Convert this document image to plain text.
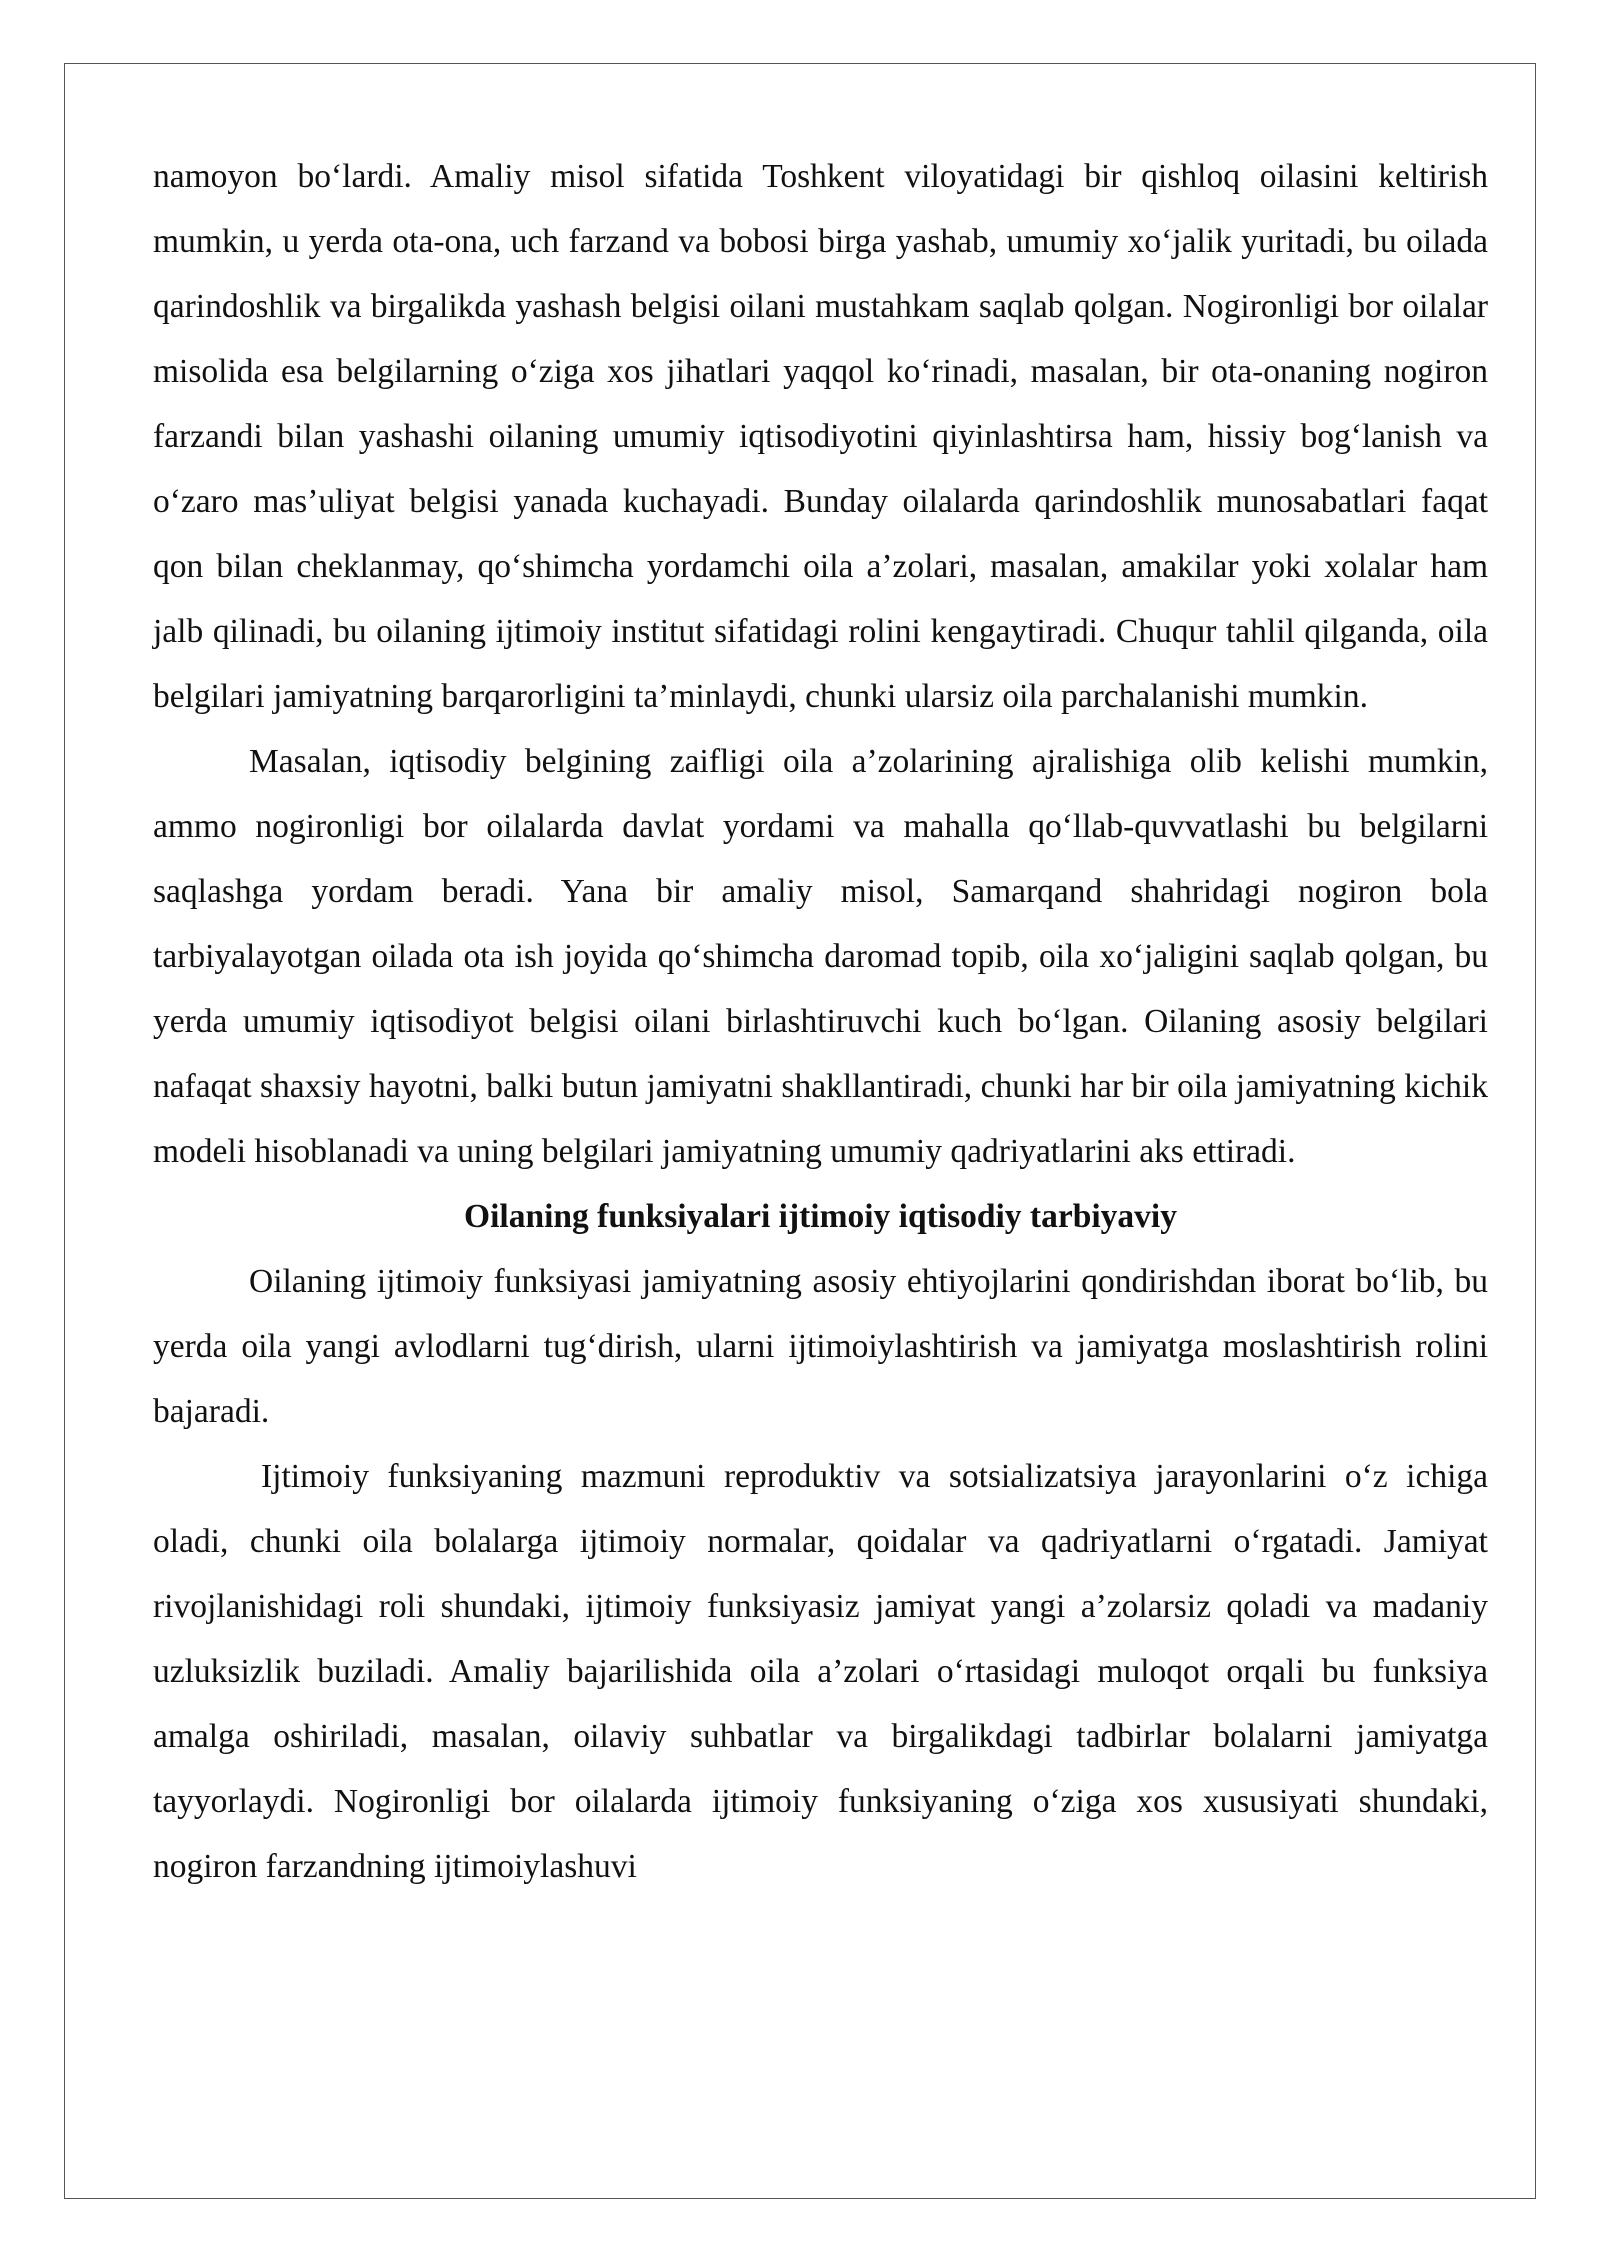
namoyon bo‘lardi. Amaliy misol sifatida Toshkent viloyatidagi bir qishloq oilasini keltirish mumkin, u yerda ota-ona, uch farzand va bobosi birga yashab, umumiy xo‘jalik yuritadi, bu oilada qarindoshlik va birgalikda yashash belgisi oilani mustahkam saqlab qolgan. Nogironligi bor oilalar misolida esa belgilarning o‘ziga xos jihatlari yaqqol ko‘rinadi, masalan, bir ota-onaning nogiron farzandi bilan yashashi oilaning umumiy iqtisodiyotini qiyinlashtirsa ham, hissiy bog‘lanish va o‘zaro mas’uliyat belgisi yanada kuchayadi. Bunday oilalarda qarindoshlik munosabatlari faqat qon bilan cheklanmay, qo‘shimcha yordamchi oila a’zolari, masalan, amakilar yoki xolalar ham jalb qilinadi, bu oilaning ijtimoiy institut sifatidagi rolini kengaytiradi. Chuqur tahlil qilganda, oila belgilari jamiyatning barqarorligini ta’minlaydi, chunki ularsiz oila parchalanishi mumkin.

Masalan, iqtisodiy belgining zaifligi oila a’zolarining ajralishiga olib kelishi mumkin, ammo nogironligi bor oilalarda davlat yordami va mahalla qo‘llab-quvvatlashi bu belgilarni saqlashga yordam beradi. Yana bir amaliy misol, Samarqand shahridagi nogiron bola tarbiyalayotgan oilada ota ish joyida qo‘shimcha daromad topib, oila xo‘jaligini saqlab qolgan, bu yerda umumiy iqtisodiyot belgisi oilani birlashtiruvchi kuch bo‘lgan. Oilaning asosiy belgilari nafaqat shaxsiy hayotni, balki butun jamiyatni shakllantiradi, chunki har bir oila jamiyatning kichik modeli hisoblanadi va uning belgilari jamiyatning umumiy qadriyatlarini aks ettiradi.

Oilaning funksiyalari ijtimoiy iqtisodiy tarbiyaviy

Oilaning ijtimoiy funksiyasi jamiyatning asosiy ehtiyojlarini qondirishdan iborat bo‘lib, bu yerda oila yangi avlodlarni tug‘dirish, ularni ijtimoiylashtirish va jamiyatga moslashtirish rolini bajaradi.

Ijtimoiy funksiyaning mazmuni reproduktiv va sotsializatsiya jarayonlarini o‘z ichiga oladi, chunki oila bolalarga ijtimoiy normalar, qoidalar va qadriyatlarni o‘rgatadi. Jamiyat rivojlanishidagi roli shundaki, ijtimoiy funksiyasiz jamiyat yangi a’zolarsiz qoladi va madaniy uzluksizlik buziladi. Amaliy bajarilishida oila a’zolari o‘rtasidagi muloqot orqali bu funksiya amalga oshiriladi, masalan, oilaviy suhbatlar va birgalikdagi tadbirlar bolalarni jamiyatga tayyorlaydi. Nogironligi bor oilalarda ijtimoiy funksiyaning o‘ziga xos xususiyati shundaki, nogiron farzandning ijtimoiylashuvi
